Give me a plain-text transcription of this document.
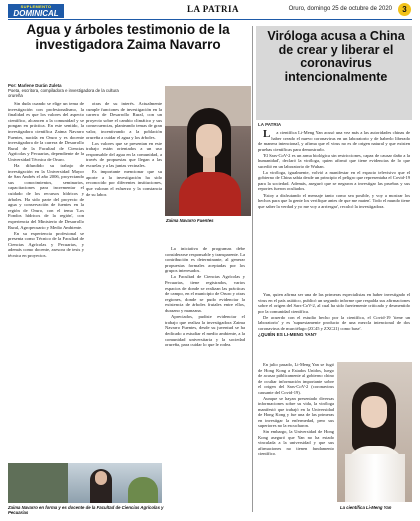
SUPLEMENTO
DOMINICAL	LA PATRIA	Oruro, domingo 25 de octubre de 2020	3
Agua y árboles testimonio de la investigadora Zaima Navarro
Por: Marlene Durán Zuleta
Poeta, escritora, compiladora e investigadora de la cultura orureña

Sin duda cuando se elige un tema de investigación con profesionalismo, la finalidad es que los valores del aspecto científico, alcancen a la comunidad y se pongan en práctica. En este sentido, la investigadora científica Zaima Navarro Fuentes, nacida en Oruro y es docente investigadora de la carrera de Desarrollo Rural de la Facultad de Ciencias Agrícolas y Pecuarias, dependiente de la Universidad Técnica de Oruro.

Ha difundido su trabajo de investigación en la Universidad Mayor de San Andrés el año 2006, proyectando sus conocimientos, seminarios, capacitaciones para incrementar el cuidado de los recursos hídricos y árboles. Ha sido parte del proyecto de agua y conservación de fuentes en la región de Oruro, con el tema 'Los Fondos hídricos de la región', con experiencia del Ministerio de Desarrollo Rural, Agropecuario y Medio Ambiente.

En su experiencia profesional se presenta como Técnico de la Facultad de Ciencias Agrícolas y Pecuarias, y además como docente, asesora de tesis y técnica en proyectos.

otras de su interés. Actualmente cumple funciones de investigación en la carrera de Desarrollo Rural, con un proyecto sobre el cambio climático y sus consecuencias, planteando temas de gran valor, incentivando a la población orureña a cuidar el agua y los árboles.

Los valores que se presentan en este trabajo están orientados a un uso responsable del agua en la comunidad, a través de propuestas que llegan a las escuelas y a las juntas vecinales.

Es importante mencionar que su aporte a la investigación ha sido reconocido por diferentes instituciones, que valoran el esfuerzo y la constancia de su labor.

Zaima Navarro Fuentes

La iniciativa de programas debe considerarse responsable y transparente. La contribución es determinante, al generar propuestas formales aceptadas por los grupos interesados.

La Facultad de Ciencias Agrícolas y Pecuarias, tiene registrados, varios espacios de donde se realizan las prácticas de campo, en el municipio de Oruro y otras regiones, donde se pudo evidenciar la existencia de árboles frutales entre ellos, durazno y manzana.

Apreciados, pudiste evidenciar el trabajo que realiza la investigadora Zaima Navarro Fuentes, desde su juventud se ha dedicado a estudiar el medio ambiente, a la comunidad universitaria y la sociedad orureña, para cuidar lo que le rodea.

Zaima Navarro en forma y es docente de la Facultad de Ciencias Agrícolas y Pecuarias
Viróloga acusa a China de crear y liberar el coronavirus intencionalmente
LA PATRIA

La científica Li-Meng Yan acusó una vez más a las autoridades chinas de haber creado el nuevo coronavirus en un laboratorio y de haberlo liberado de manera intencional, y afirma que el virus no es de origen natural y que existen pruebas científicas para demostrarlo.

'El Sars-CoV-2 es un arma biológica sin restricciones, capaz de causar daño a la humanidad', declaró la viróloga, quien afirmó que tiene evidencias de lo que sucedió en un laboratorio de Wuhan.

La viróloga, igualmente, volvió a manifestar en el espacio televisivo que el gobierno de China sabía desde un principio el peligro que representaba el Covid-19 para la sociedad. Además, aseguró que se negaron a investigar las pruebas y sus reportes fueron ocultados.

'Estoy a disfrutando el mensaje tanto como sea posible, y voy a mostrar los hechos para que la gente los verifique antes de que me maten'. Todo el mundo tiene que saber la verdad y yo me voy a arriesgar', recalcó la investigadora.

Yan, quien afirma ser una de las primeras especialistas en haber investigado el virus en el país asiático, publicó un segundo informe que respalda sus afirmaciones sobre el origen del Sars-CoV-2, al cual ha sido fuertemente criticado y desmentido por la comunidad científica.

De acuerdo con el estudio hecho por la científica, el Covid-19 'tiene un laboratorio' y es 'supuestamente producto de una mezcla intencional de dos coronavirus de murciélago (ZC45 y ZXC21) como base'.

¿QUIÉN ES LI-MENG YAN?

En julio pasado, Li-Meng Yan se fugó de Hong Kong a Estados Unidos, luego de acusar públicamente al gobierno chino de ocultar información importante sobre el origen del Sars-CoV-2 (coronavirus causante del Covid-19).

Aunque se hayan presentado diversas informaciones sobre su vida, la viróloga manifestó que trabajó en la Universidad de Hong Kong y fue una de las primeras en investigar la enfermedad, pero sus superiores no la escucharon.

Sin embargo, la Universidad de Hong Kong aseguró que Yan no ha estado vinculada a la universidad y que sus afirmaciones no tienen fundamento científico.

La científica Li-Meng Yan
